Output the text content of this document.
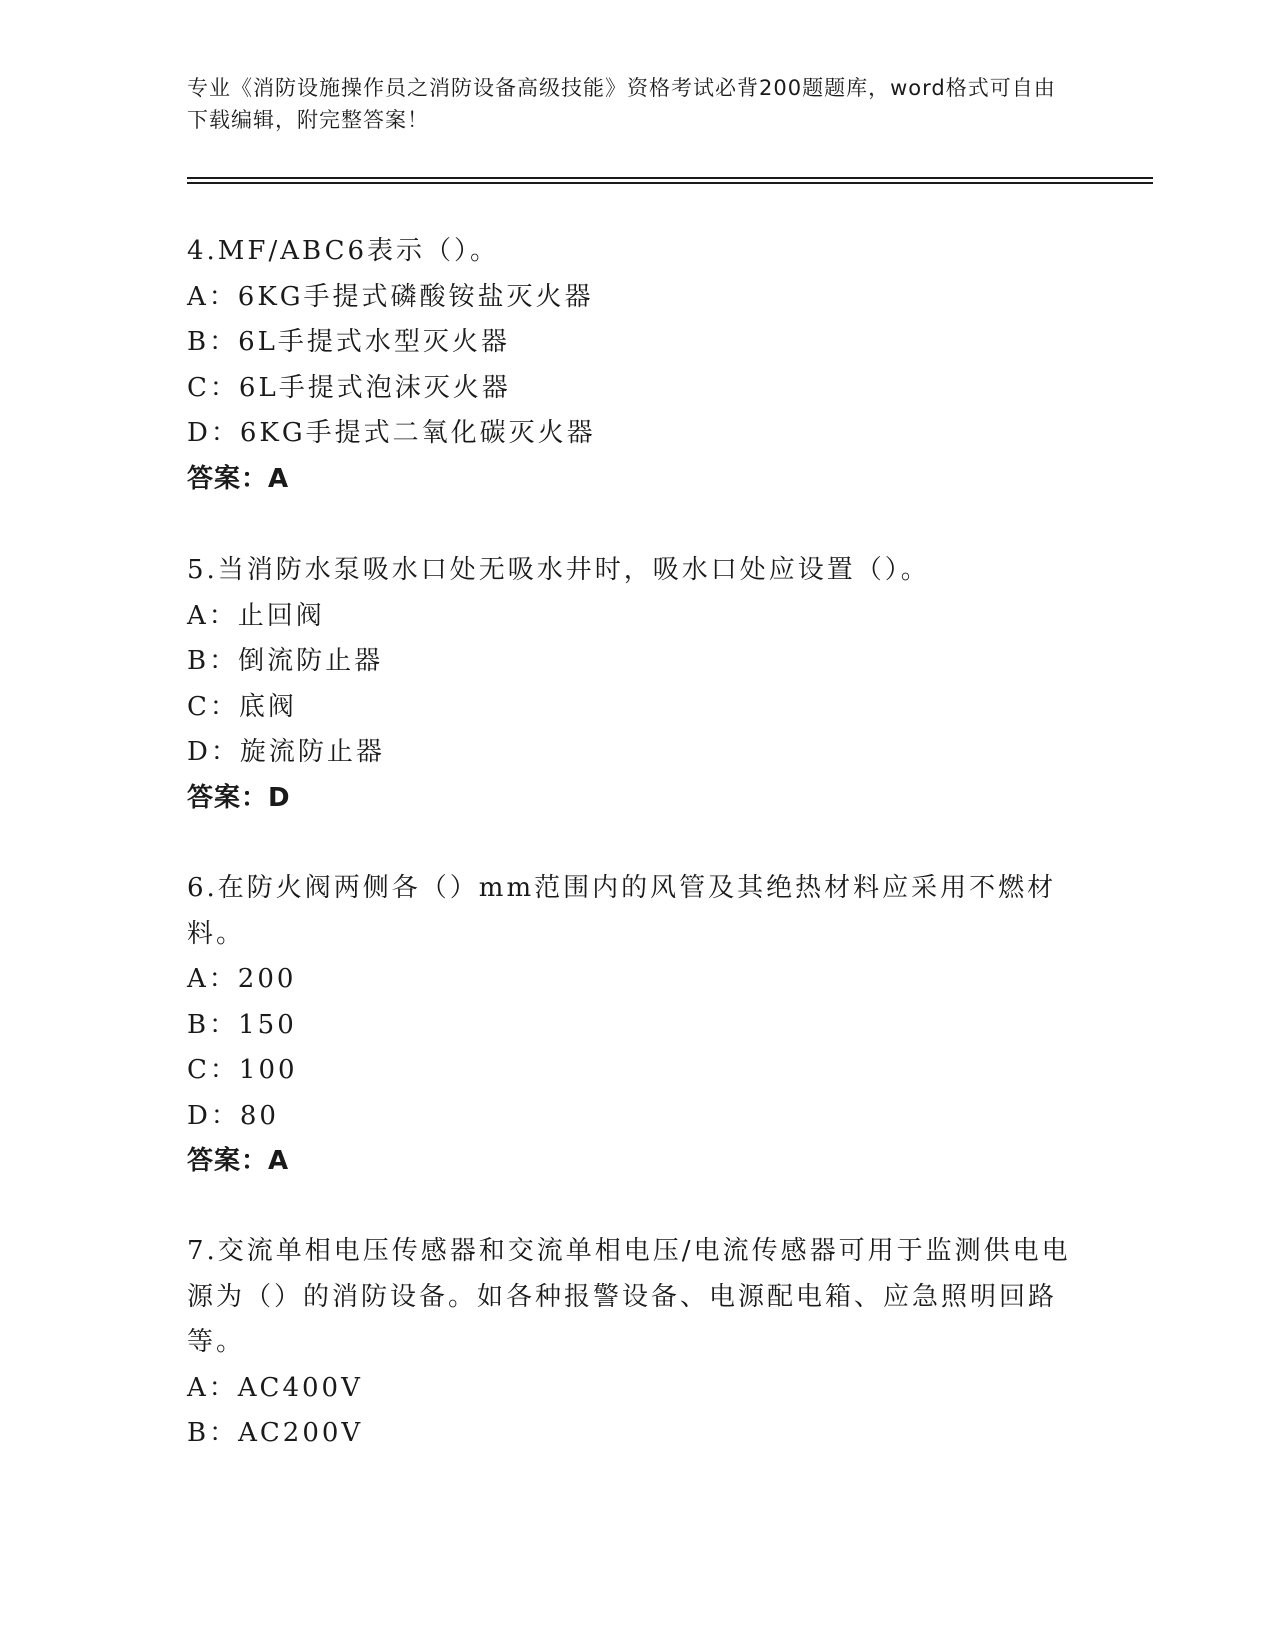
专业《消防设施操作员之消防设备高级技能》资格考试必背200题题库，word格式可自由下载编辑，附完整答案！
4.MF/ABC6表示（）。
A：6KG手提式磷酸铵盐灭火器
B：6L手提式水型灭火器
C：6L手提式泡沫灭火器
D：6KG手提式二氧化碳灭火器
答案：A
5.当消防水泵吸水口处无吸水井时，吸水口处应设置（）。
A：止回阀
B：倒流防止器
C：底阀
D：旋流防止器
答案：D
6.在防火阀两侧各（）mm范围内的风管及其绝热材料应采用不燃材料。
A：200
B：150
C：100
D：80
答案：A
7.交流单相电压传感器和交流单相电压/电流传感器可用于监测供电电源为（）的消防设备。如各种报警设备、电源配电箱、应急照明回路等。
A：AC400V
B：AC200V
